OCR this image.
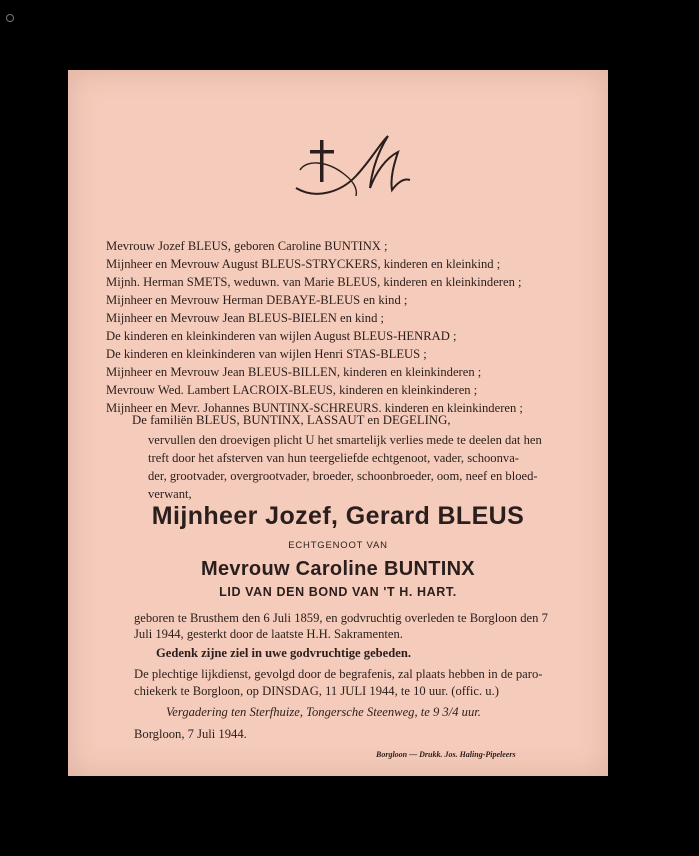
Mevrouw Jozef BLEUS, geboren Caroline BUNTINX ;
Mijnheer en Mevrouw August BLEUS-STRYCKERS, kinderen en kleinkind ;
Mijnh. Herman SMETS, weduwn. van Marie BLEUS, kinderen en kleinkinderen ;
Mijnheer en Mevrouw Herman DEBAYE-BLEUS en kind ;
Mijnheer en Mevrouw Jean BLEUS-BIELEN en kind ;
De kinderen en kleinkinderen van wijlen August BLEUS-HENRAD ;
De kinderen en kleinkinderen van wijlen Henri STAS-BLEUS ;
Mijnheer en Mevrouw Jean BLEUS-BILLEN, kinderen en kleinkinderen ;
Mevrouw Wed. Lambert LACROIX-BLEUS, kinderen en kleinkinderen ;
Mijnheer en Mevr. Johannes BUNTINX-SCHREURS. kinderen en kleinkinderen ;
De familiën BLEUS, BUNTINX, LASSAUT en DEGELING,
vervullen den droevigen plicht U het smartelijk verlies mede te deelen dat hen
treft door het afsterven van hun teergeliefde echtgenoot, vader, schoonva-
der, grootvader, overgrootvader, broeder, schoonbroeder, oom, neef en bloed-
verwant,
Mijnheer Jozef, Gerard BLEUS
ECHTGENOOT VAN
Mevrouw Caroline BUNTINX
LID VAN DEN BOND VAN 'T H. HART.
geboren te Brusthem den 6 Juli 1859, en godvruchtig overleden te Borgloon den 7
Juli 1944, gesterkt door de laatste H.H. Sakramenten.
Gedenk zijne ziel in uwe godvruchtige gebeden.
De plechtige lijkdienst, gevolgd door de begrafenis, zal plaats hebben in de paro-
chiekerk te Borgloon, op DINSDAG, 11 JULI 1944, te 10 uur. (offic. u.)
Vergadering ten Sterfhuize, Tongersche Steenweg, te 9 3/4 uur.
Borgloon, 7 Juli 1944.
Borgloon — Drukk. Jos. Haling-Pipeleers
